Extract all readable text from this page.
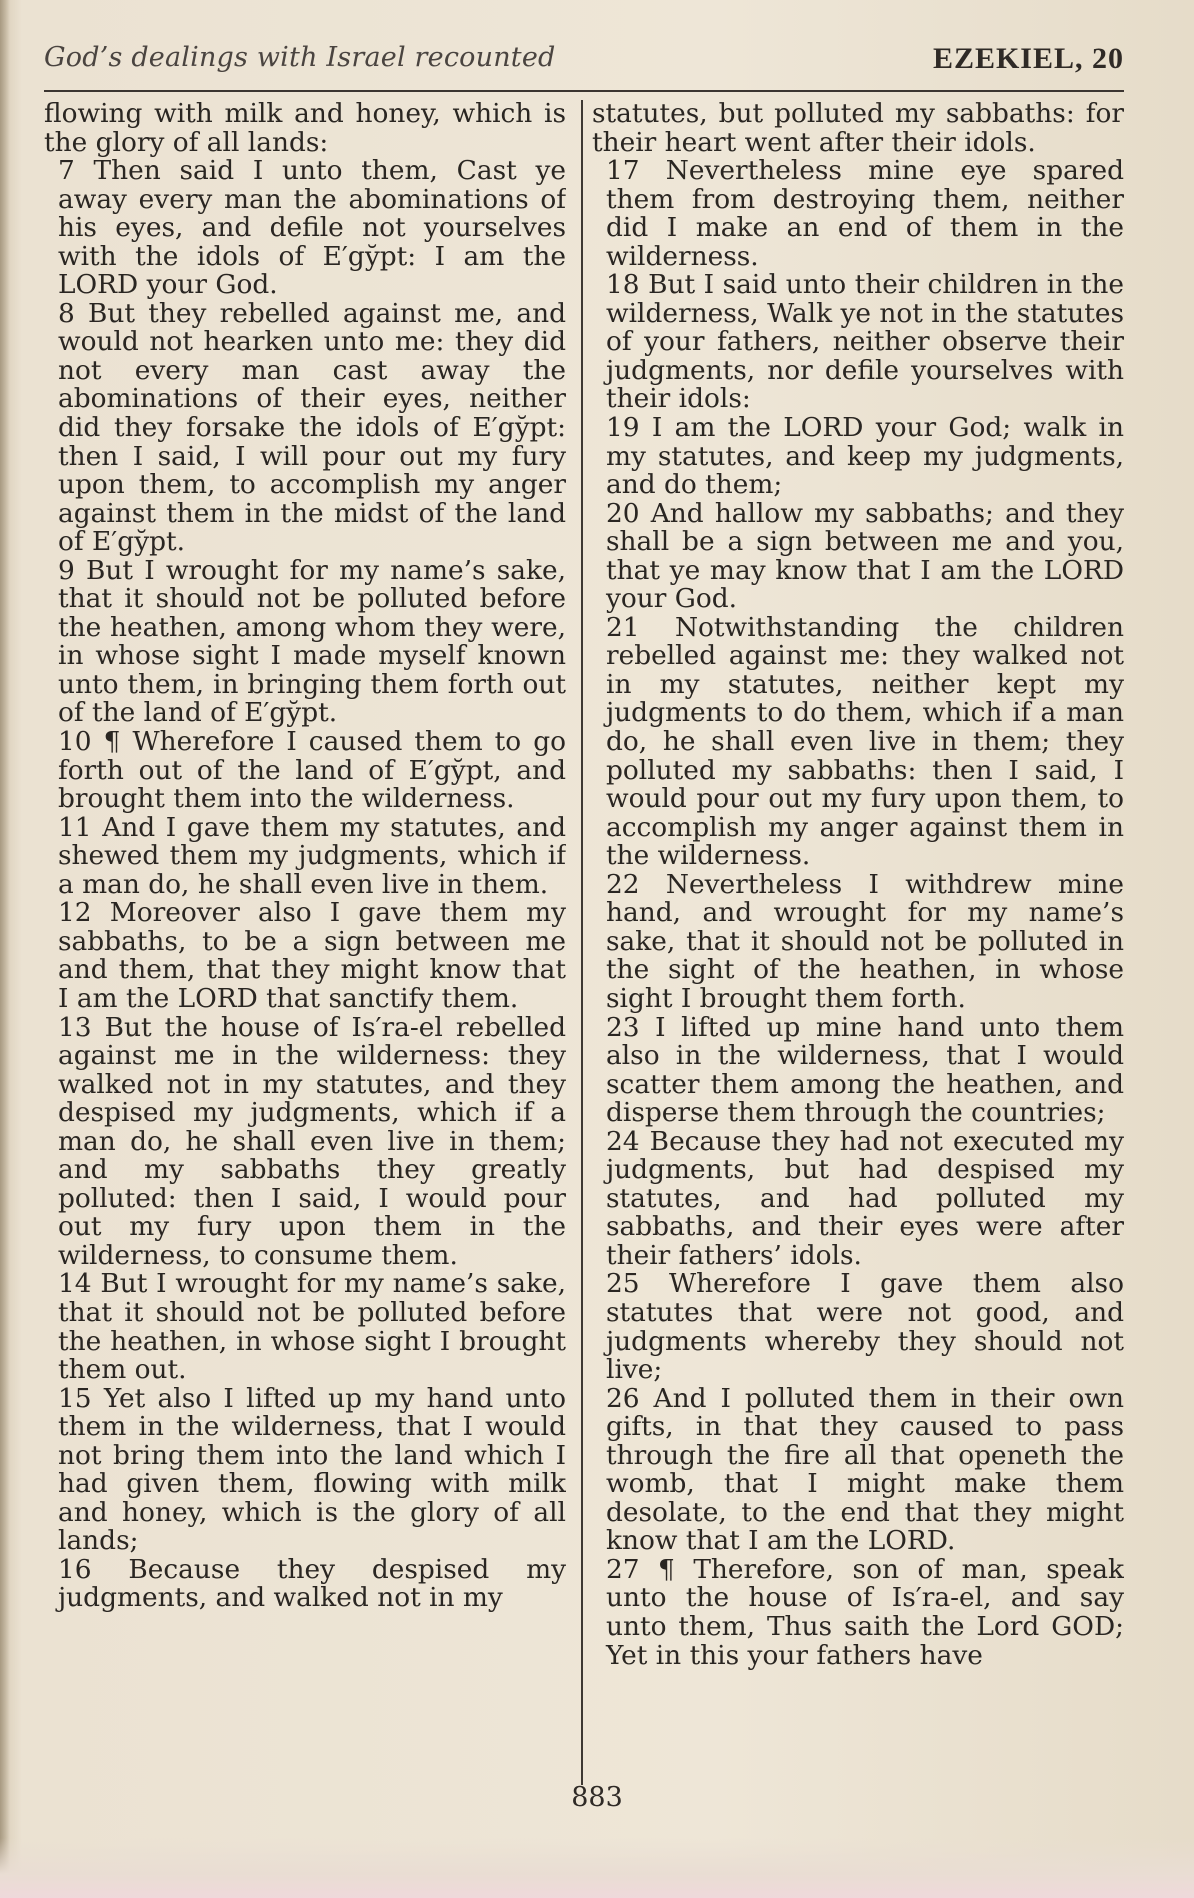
God’s dealings with Israel recounted	EZEKIEL, 20

flowing with milk and honey, which is the glory of all lands:

7 Then said I unto them, Cast ye away every man the abominations of his eyes, and defile not yourselves with the idols of E′gy̆pt: I am the LORD your God.

8 But they rebelled against me, and would not hearken unto me: they did not every man cast away the abominations of their eyes, neither did they forsake the idols of E′gy̆pt: then I said, I will pour out my fury upon them, to accomplish my anger against them in the midst of the land of E′gy̆pt.

9 But I wrought for my name’s sake, that it should not be polluted before the heathen, among whom they were, in whose sight I made myself known unto them, in bringing them forth out of the land of E′gy̆pt.

10 ¶ Wherefore I caused them to go forth out of the land of E′gy̆pt, and brought them into the wilderness.

11 And I gave them my statutes, and shewed them my judgments, which if a man do, he shall even live in them.

12 Moreover also I gave them my sabbaths, to be a sign between me and them, that they might know that I am the LORD that sanctify them.

13 But the house of Is′ra-el rebelled against me in the wilderness: they walked not in my statutes, and they despised my judgments, which if a man do, he shall even live in them; and my sabbaths they greatly polluted: then I said, I would pour out my fury upon them in the wilderness, to consume them.

14 But I wrought for my name’s sake, that it should not be polluted before the heathen, in whose sight I brought them out.

15 Yet also I lifted up my hand unto them in the wilderness, that I would not bring them into the land which I had given them, flowing with milk and honey, which is the glory of all lands;

16 Because they despised my judgments, and walked not in my

statutes, but polluted my sabbaths: for their heart went after their idols.

17 Nevertheless mine eye spared them from destroying them, neither did I make an end of them in the wilderness.

18 But I said unto their children in the wilderness, Walk ye not in the statutes of your fathers, neither observe their judgments, nor defile yourselves with their idols:

19 I am the LORD your God; walk in my statutes, and keep my judgments, and do them;

20 And hallow my sabbaths; and they shall be a sign between me and you, that ye may know that I am the LORD your God.

21 Notwithstanding the children rebelled against me: they walked not in my statutes, neither kept my judgments to do them, which if a man do, he shall even live in them; they polluted my sabbaths: then I said, I would pour out my fury upon them, to accomplish my anger against them in the wilderness.

22 Nevertheless I withdrew mine hand, and wrought for my name’s sake, that it should not be polluted in the sight of the heathen, in whose sight I brought them forth.

23 I lifted up mine hand unto them also in the wilderness, that I would scatter them among the heathen, and disperse them through the countries;

24 Because they had not executed my judgments, but had despised my statutes, and had polluted my sabbaths, and their eyes were after their fathers’ idols.

25 Wherefore I gave them also statutes that were not good, and judgments whereby they should not live;

26 And I polluted them in their own gifts, in that they caused to pass through the fire all that openeth the womb, that I might make them desolate, to the end that they might know that I am the LORD.

27 ¶ Therefore, son of man, speak unto the house of Is′ra-el, and say unto them, Thus saith the Lord GOD; Yet in this your fathers have

883
